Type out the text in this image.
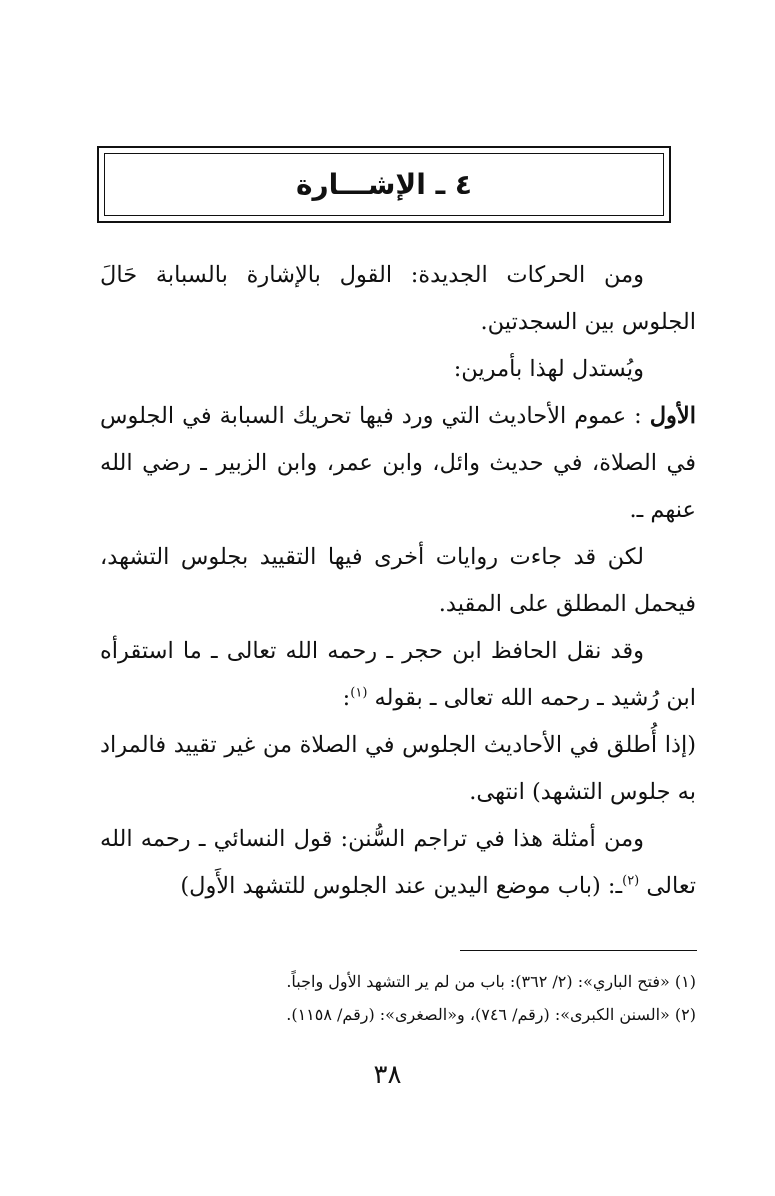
٤ ـ الإشـــارة

ومن الحركات الجديدة: القول بالإشارة بالسبابة حَالَ الجلوس بين السجدتين.

ويُستدل لهذا بأمرين:

الأول : عموم الأحاديث التي ورد فيها تحريك السبابة في الجلوس في الصلاة، في حديث وائل، وابن عمر، وابن الزبير ـ رضي الله عنهم ـ.

لكن قد جاءت روايات أخرى فيها التقييد بجلوس التشهد، فيحمل المطلق على المقيد.

وقد نقل الحافظ ابن حجر ـ رحمه الله تعالى ـ ما استقرأه ابن رُشيد ـ رحمه الله تعالى ـ بقوله $^{(١)}$:

(إذا أُطلق في الأحاديث الجلوس في الصلاة من غير تقييد فالمراد به جلوس التشهد) انتهى.

ومن أمثلة هذا في تراجم السُّنن: قول النسائي ـ رحمه الله تعالى $^{(٢)}$ـ: (باب موضع اليدين عند الجلوس للتشهد الأَول)

(١) «فتح الباري»: (٢/ ٣٦٢): باب من لم ير التشهد الأول واجباً.

(٢) «السنن الكبرى»: (رقم/ ٧٤٦)، و«الصغرى»: (رقم/ ١١٥٨).

٣٨
